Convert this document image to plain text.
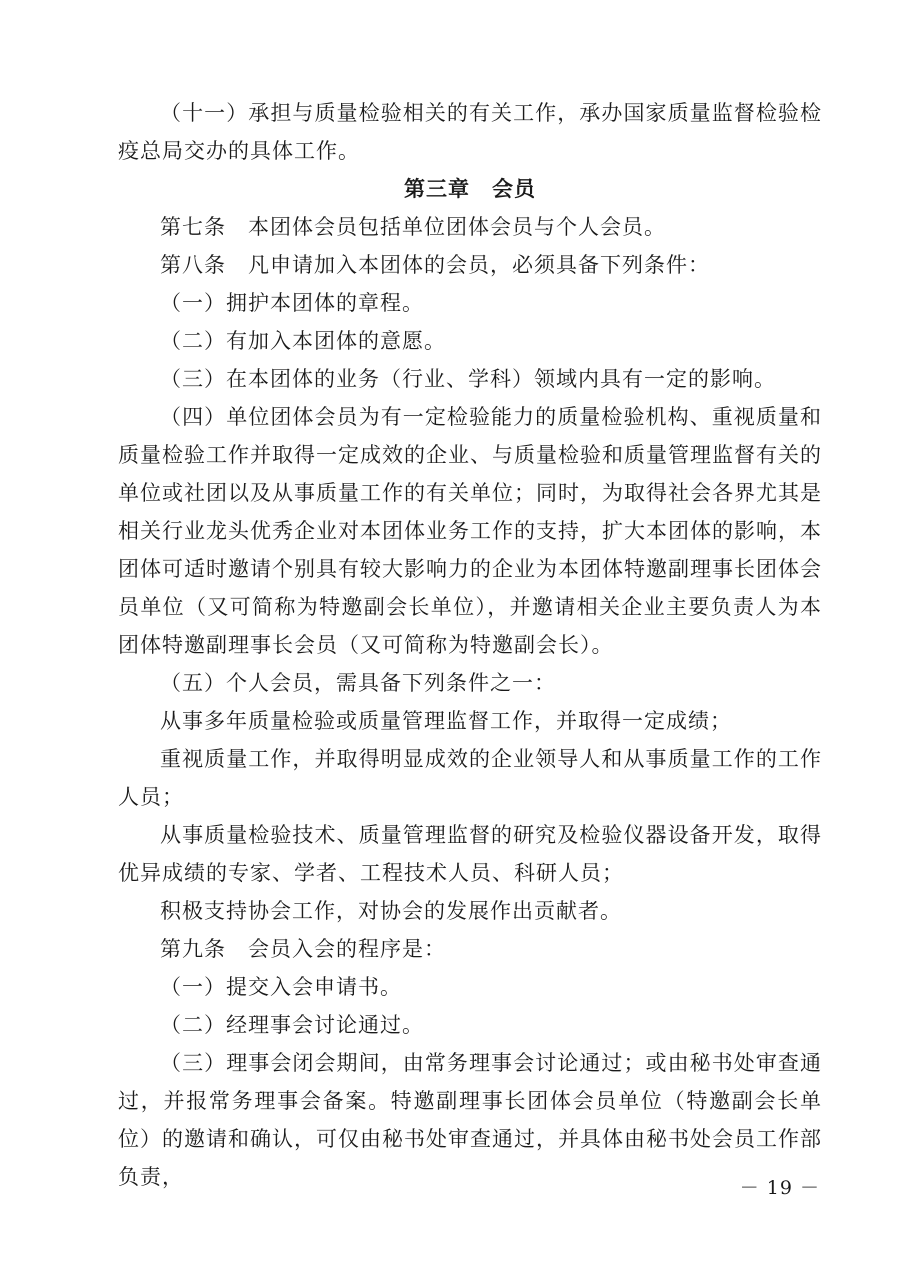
（十一）承担与质量检验相关的有关工作，承办国家质量监督检验检疫总局交办的具体工作。

第三章　会员

第七条　本团体会员包括单位团体会员与个人会员。

第八条　凡申请加入本团体的会员，必须具备下列条件：

（一）拥护本团体的章程。

（二）有加入本团体的意愿。

（三）在本团体的业务（行业、学科）领域内具有一定的影响。

（四）单位团体会员为有一定检验能力的质量检验机构、重视质量和质量检验工作并取得一定成效的企业、与质量检验和质量管理监督有关的单位或社团以及从事质量工作的有关单位；同时，为取得社会各界尤其是相关行业龙头优秀企业对本团体业务工作的支持，扩大本团体的影响，本团体可适时邀请个别具有较大影响力的企业为本团体特邀副理事长团体会员单位（又可简称为特邀副会长单位），并邀请相关企业主要负责人为本团体特邀副理事长会员（又可简称为特邀副会长）。

（五）个人会员，需具备下列条件之一：

从事多年质量检验或质量管理监督工作，并取得一定成绩；

重视质量工作，并取得明显成效的企业领导人和从事质量工作的工作人员；

从事质量检验技术、质量管理监督的研究及检验仪器设备开发，取得优异成绩的专家、学者、工程技术人员、科研人员；

积极支持协会工作，对协会的发展作出贡献者。

第九条　会员入会的程序是：

（一）提交入会申请书。

（二）经理事会讨论通过。

（三）理事会闭会期间，由常务理事会讨论通过；或由秘书处审查通过，并报常务理事会备案。特邀副理事长团体会员单位（特邀副会长单位）的邀请和确认，可仅由秘书处审查通过，并具体由秘书处会员工作部负责，	－ 19 －
